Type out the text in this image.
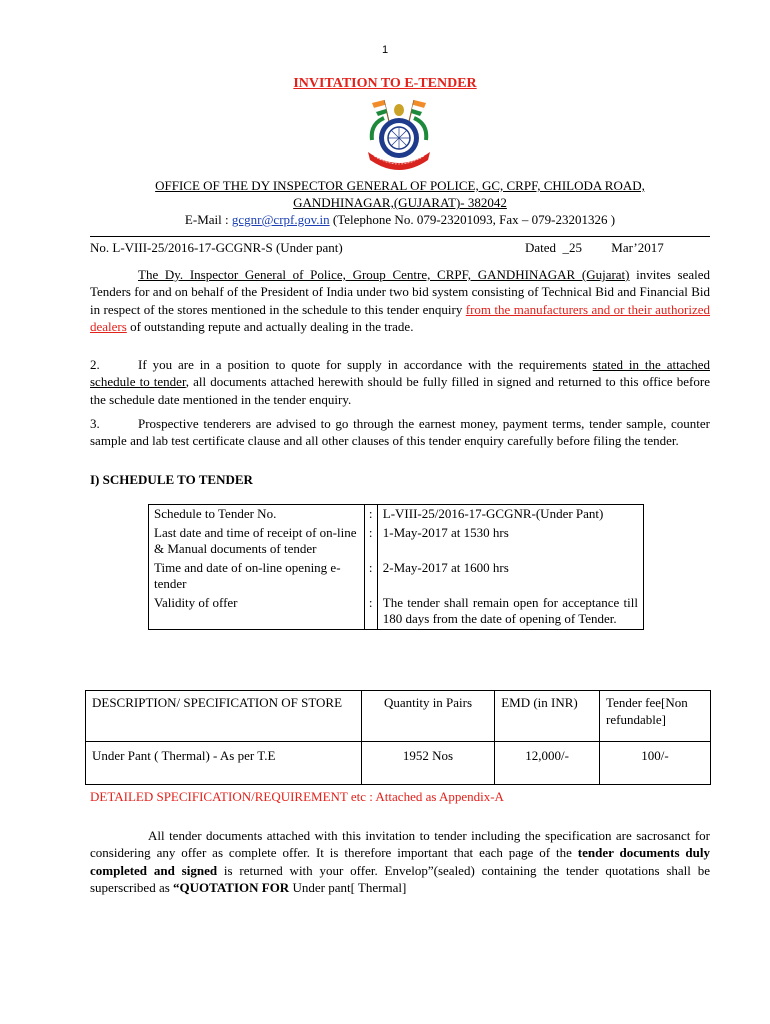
1
INVITATION TO E-TENDER
OFFICE OF THE DY INSPECTOR GENERAL OF POLICE, GC, CRPF, CHILODA ROAD,
GANDHINAGAR,(GUJARAT)- 382042
E-Mail : gcgnr@crpf.gov.in (Telephone No. 079-23201093, Fax – 079-23201326 )
No. L-VIII-25/2016-17-GCGNR-S (Under pant)	Dated  _25         Mar’2017
The Dy. Inspector General of Police, Group Centre, CRPF, GANDHINAGAR (Gujarat) invites sealed Tenders for and on behalf of the President of India under two bid system consisting of Technical Bid and Financial Bid in respect of the stores mentioned in the schedule to this tender enquiry from the manufacturers and or their authorized dealers of outstanding repute and actually dealing in the trade.
2.	If you are in a position to quote for supply in accordance with the requirements stated in the attached schedule to tender, all documents attached herewith should be fully filled in signed and returned to this office before the schedule date mentioned in the tender enquiry.
3.	Prospective tenderers are advised to go through the earnest money, payment terms, tender sample, counter sample and lab test certificate clause and all other clauses of this tender enquiry carefully before filing the tender.
I) SCHEDULE TO TENDER
Schedule to Tender No.	:	L-VIII-25/2016-17-GCGNR-(Under Pant)
Last date and time of receipt of on-line & Manual documents of tender	:	1-May-2017 at 1530 hrs
Time and date of on-line opening e-tender	:	2-May-2017 at 1600 hrs
Validity of offer	:	The tender shall remain open for acceptance till 180 days from the date of opening of Tender.
DESCRIPTION/ SPECIFICATION OF STORE	Quantity in Pairs	EMD (in INR)	Tender fee[Non refundable]
Under Pant ( Thermal) - As per T.E	1952 Nos	12,000/-	100/-
DETAILED SPECIFICATION/REQUIREMENT etc : Attached as Appendix-A
All tender documents attached with this invitation to tender including the specification are sacrosanct for considering any offer as complete offer. It is therefore important that each page of the tender documents duly completed and signed is returned with your offer. Envelop”(sealed) containing the tender quotations shall be superscribed as “QUOTATION FOR Under pant[ Thermal]
